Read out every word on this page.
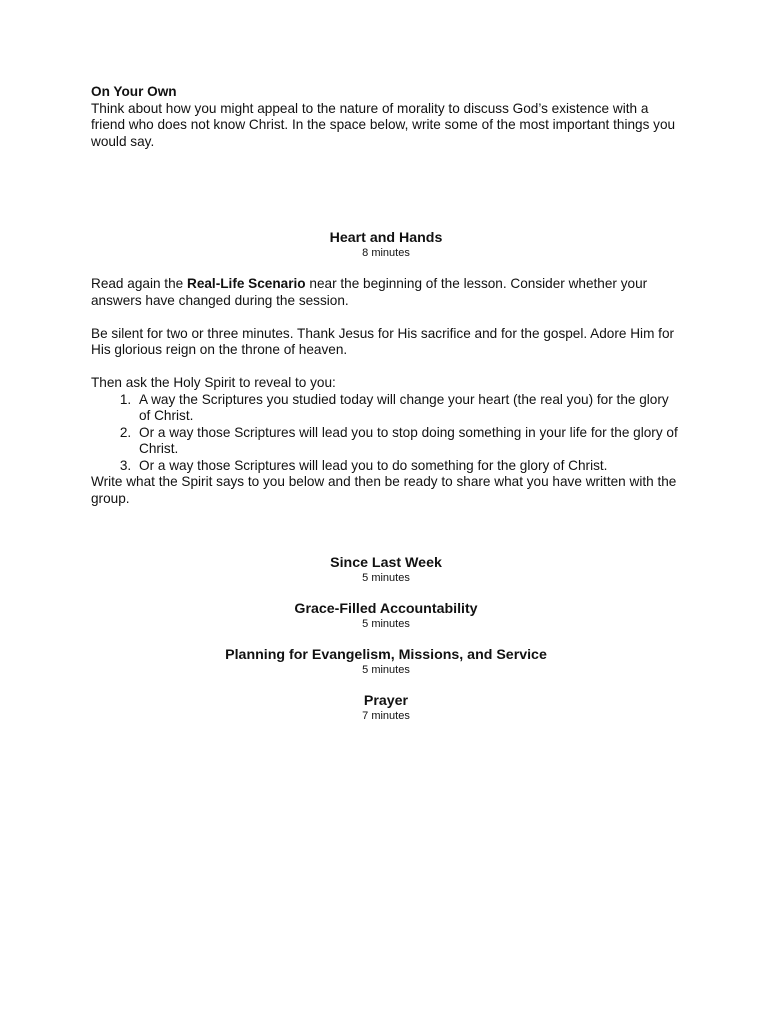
On Your Own

Think about how you might appeal to the nature of morality to discuss God’s existence with a friend who does not know Christ. In the space below, write some of the most important things you would say.

Heart and Hands
8 minutes

Read again the Real-Life Scenario near the beginning of the lesson. Consider whether your answers have changed during the session.

Be silent for two or three minutes. Thank Jesus for His sacrifice and for the gospel. Adore Him for His glorious reign on the throne of heaven.

Then ask the Holy Spirit to reveal to you:

1. A way the Scriptures you studied today will change your heart (the real you) for the glory of Christ.
2. Or a way those Scriptures will lead you to stop doing something in your life for the glory of Christ.
3. Or a way those Scriptures will lead you to do something for the glory of Christ.

Write what the Spirit says to you below and then be ready to share what you have written with the group.

Since Last Week
5 minutes
Grace-Filled Accountability
5 minutes
Planning for Evangelism, Missions, and Service
5 minutes
Prayer
7 minutes
